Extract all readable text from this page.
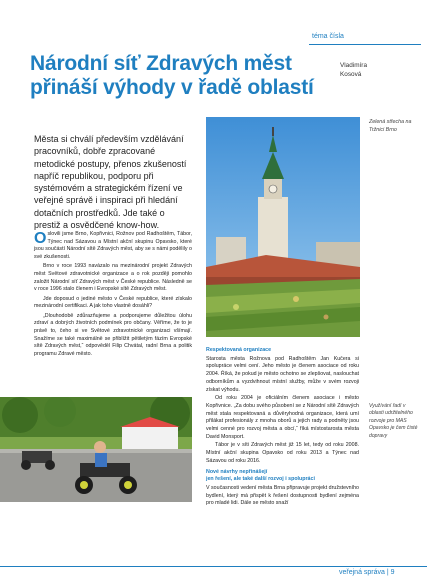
téma čísla
Národní síť Zdravých měst přináší výhody v řadě oblastí
Vladimíra
Kosová
Města si chválí především vzdělávání pracovníků, dobře zpracované metodické postupy, přenos zkušeností napříč republikou, podporu při systémovém a strategickém řízení ve veřejné správě i inspiraci při hledání dotačních prostředků. Jde také o prestiž a osvědčené know-how.

Oslovili jsme Brno, Kopřivnici, Rožnov pod Radhoštěm, Tábor, Týnec nad Sázavou a Místní akční skupinu Opavsko, které jsou součástí Národní sítě Zdravých měst, aby se s námi podělily o své zkušenosti.

Brno v roce 1993 navázalo na mezinárodní projekt Zdravých měst Světové zdravotnické organizace a o rok později pomohlo založit Národní síť Zdravých měst v České republice. Následně se v roce 1996 stalo členem i Evropské sítě Zdravých měst.

Jde doposud o jediné město v České republice, které získalo mezinárodní certifikaci. A jak toho vlastně dosáhli?

„Dlouhodobě zdůrazňujeme a podporujeme důležitou úlohu zdraví a dobrých životních podmínek pro občany. Věříme, že to je právě to, čeho si ve Světové zdravotnické organizaci všímají. Snažíme se také maximálně se přiblížit pětiletým fázím Evropské sítě Zdravých měst,“ odpověděl Filip Chvátal, radní Brna a politik programu Zdravé město.

Zelená střecha na Tržnici Brno
Využívání řadí v oblasti udržitelného rozvoje pro MAS Opavsko je čem čisté dopravy

Respektovaná organizace

Starosta města Rožnova pod Radhoštěm Jan Kučera si spolupráce velmi cení. Jeho město je členem asociace od roku 2004. Říká, že pokud je město ochotno se zlepšovat, naslouchat odborníkům a vyzdvihnout místní služby, může v svém rozvoji získat výhodu.

Od roku 2004 je oficiálním členem asociace i město Kopřivnice. „Za dobu svého působení se z Národní sítě Zdravých měst stala respektovaná a důvěryhodná organizace, která umí přilákat profesionály z mnoha oborů a jejich rady a podněty jsou velmi cenné pro rozvoj města a obcí,“ říká místostarosta města David Monsport.

Tábor je v síti Zdravých měst již 15 let, tedy od roku 2008. Místní akční skupina Opavsko od roku 2013 a Týnec nad Sázavou od roku 2016.

Nové návrhy nepřinášejí
jen řešení, ale také další rozvoj i spolupráci

V současnosti vedení města Brna připravuje projekt družstevního bydlení, který má přispět k řešení dostupnosti bydlení zejména pro mladé lidi. Dále se město snaží

veřejná správa | 9
